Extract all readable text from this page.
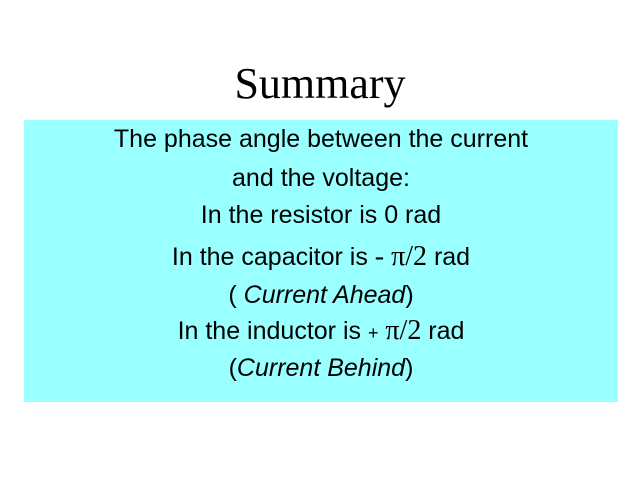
Summary
The phase angle between the current
and the voltage:
In the resistor is 0 rad
In the capacitor is - π/2 rad
( Current Ahead)
In the inductor is + π/2 rad
(Current Behind)
